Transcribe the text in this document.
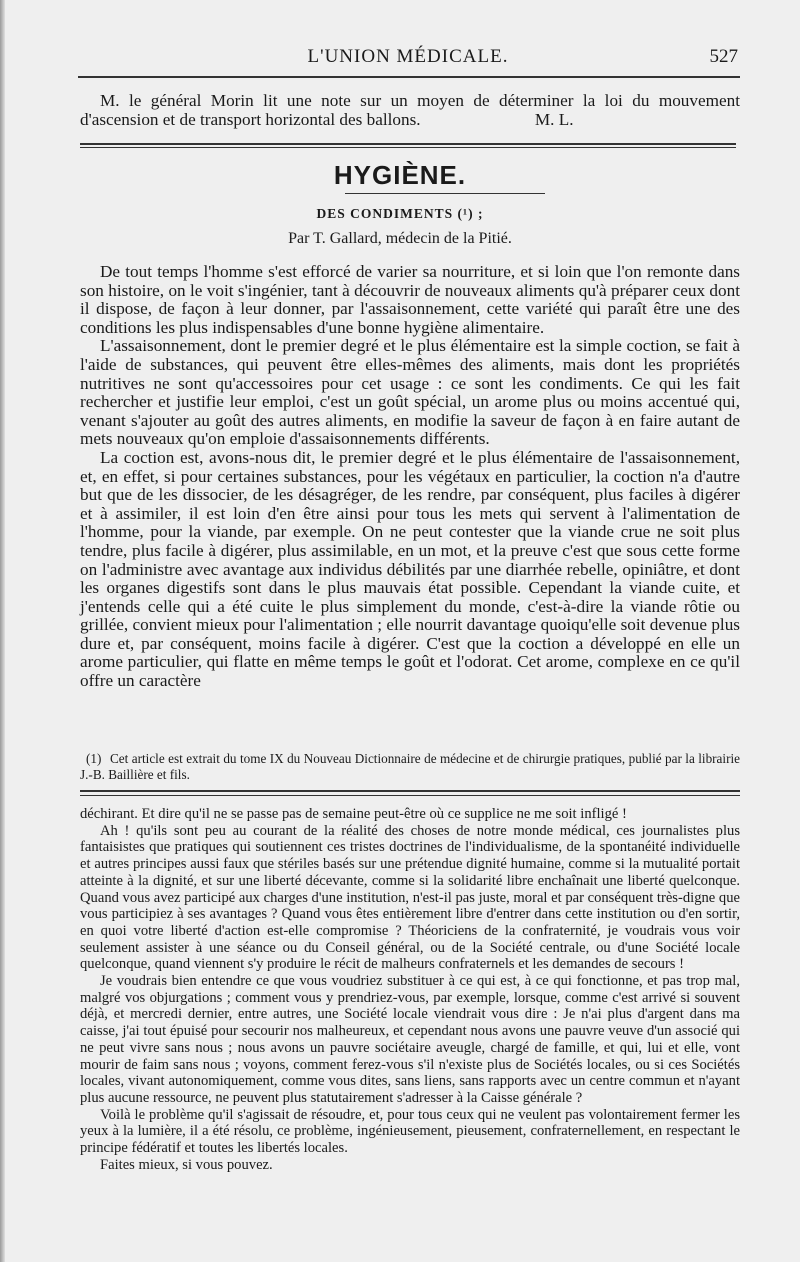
L'UNION MÉDICALE.	527

M. le général Morin lit une note sur un moyen de déterminer la loi du mouvement d'ascension et de transport horizontal des ballons.	M. L.

HYGIÈNE.
DES CONDIMENTS (¹) ;
Par T. Gallard, médecin de la Pitié.

De tout temps l'homme s'est efforcé de varier sa nourriture, et si loin que l'on remonte dans son histoire, on le voit s'ingénier, tant à découvrir de nouveaux aliments qu'à préparer ceux dont il dispose, de façon à leur donner, par l'assaisonnement, cette variété qui paraît être une des conditions les plus indispensables d'une bonne hygiène alimentaire.

L'assaisonnement, dont le premier degré et le plus élémentaire est la simple coction, se fait à l'aide de substances, qui peuvent être elles-mêmes des aliments, mais dont les propriétés nutritives ne sont qu'accessoires pour cet usage : ce sont les condiments. Ce qui les fait rechercher et justifie leur emploi, c'est un goût spécial, un arome plus ou moins accentué qui, venant s'ajouter au goût des autres aliments, en modifie la saveur de façon à en faire autant de mets nouveaux qu'on emploie d'assaisonnements différents.

La coction est, avons-nous dit, le premier degré et le plus élémentaire de l'assaisonnement, et, en effet, si pour certaines substances, pour les végétaux en particulier, la coction n'a d'autre but que de les dissocier, de les désagréger, de les rendre, par conséquent, plus faciles à digérer et à assimiler, il est loin d'en être ainsi pour tous les mets qui servent à l'alimentation de l'homme, pour la viande, par exemple. On ne peut contester que la viande crue ne soit plus tendre, plus facile à digérer, plus assimilable, en un mot, et la preuve c'est que sous cette forme on l'administre avec avantage aux individus débilités par une diarrhée rebelle, opiniâtre, et dont les organes digestifs sont dans le plus mauvais état possible. Cependant la viande cuite, et j'entends celle qui a été cuite le plus simplement du monde, c'est-à-dire la viande rôtie ou grillée, convient mieux pour l'alimentation ; elle nourrit davantage quoiqu'elle soit devenue plus dure et, par conséquent, moins facile à digérer. C'est que la coction a développé en elle un arome particulier, qui flatte en même temps le goût et l'odorat. Cet arome, complexe en ce qu'il offre un caractère

(1) Cet article est extrait du tome IX du Nouveau Dictionnaire de médecine et de chirurgie pratiques, publié par la librairie J.-B. Baillière et fils.

déchirant. Et dire qu'il ne se passe pas de semaine peut-être où ce supplice ne me soit infligé !

Ah ! qu'ils sont peu au courant de la réalité des choses de notre monde médical, ces journalistes plus fantaisistes que pratiques qui soutiennent ces tristes doctrines de l'individualisme, de la spontanéité individuelle et autres principes aussi faux que stériles basés sur une prétendue dignité humaine, comme si la mutualité portait atteinte à la dignité, et sur une liberté décevante, comme si la solidarité libre enchaînait une liberté quelconque. Quand vous avez participé aux charges d'une institution, n'est-il pas juste, moral et par conséquent très-digne que vous participiez à ses avantages ? Quand vous êtes entièrement libre d'entrer dans cette institution ou d'en sortir, en quoi votre liberté d'action est-elle compromise ? Théoriciens de la confraternité, je voudrais vous voir seulement assister à une séance ou du Conseil général, ou de la Société centrale, ou d'une Société locale quelconque, quand viennent s'y produire le récit de malheurs confraternels et les demandes de secours !

Je voudrais bien entendre ce que vous voudriez substituer à ce qui est, à ce qui fonctionne, et pas trop mal, malgré vos objurgations ; comment vous y prendriez-vous, par exemple, lorsque, comme c'est arrivé si souvent déjà, et mercredi dernier, entre autres, une Société locale viendrait vous dire : Je n'ai plus d'argent dans ma caisse, j'ai tout épuisé pour secourir nos malheureux, et cependant nous avons une pauvre veuve d'un associé qui ne peut vivre sans nous ; nous avons un pauvre sociétaire aveugle, chargé de famille, et qui, lui et elle, vont mourir de faim sans nous ; voyons, comment ferez-vous s'il n'existe plus de Sociétés locales, ou si ces Sociétés locales, vivant autonomiquement, comme vous dites, sans liens, sans rapports avec un centre commun et n'ayant plus aucune ressource, ne peuvent plus statutairement s'adresser à la Caisse générale ?

Voilà le problème qu'il s'agissait de résoudre, et, pour tous ceux qui ne veulent pas volontairement fermer les yeux à la lumière, il a été résolu, ce problème, ingénieusement, pieusement, confraternellement, en respectant le principe fédératif et toutes les libertés locales.

Faites mieux, si vous pouvez.
